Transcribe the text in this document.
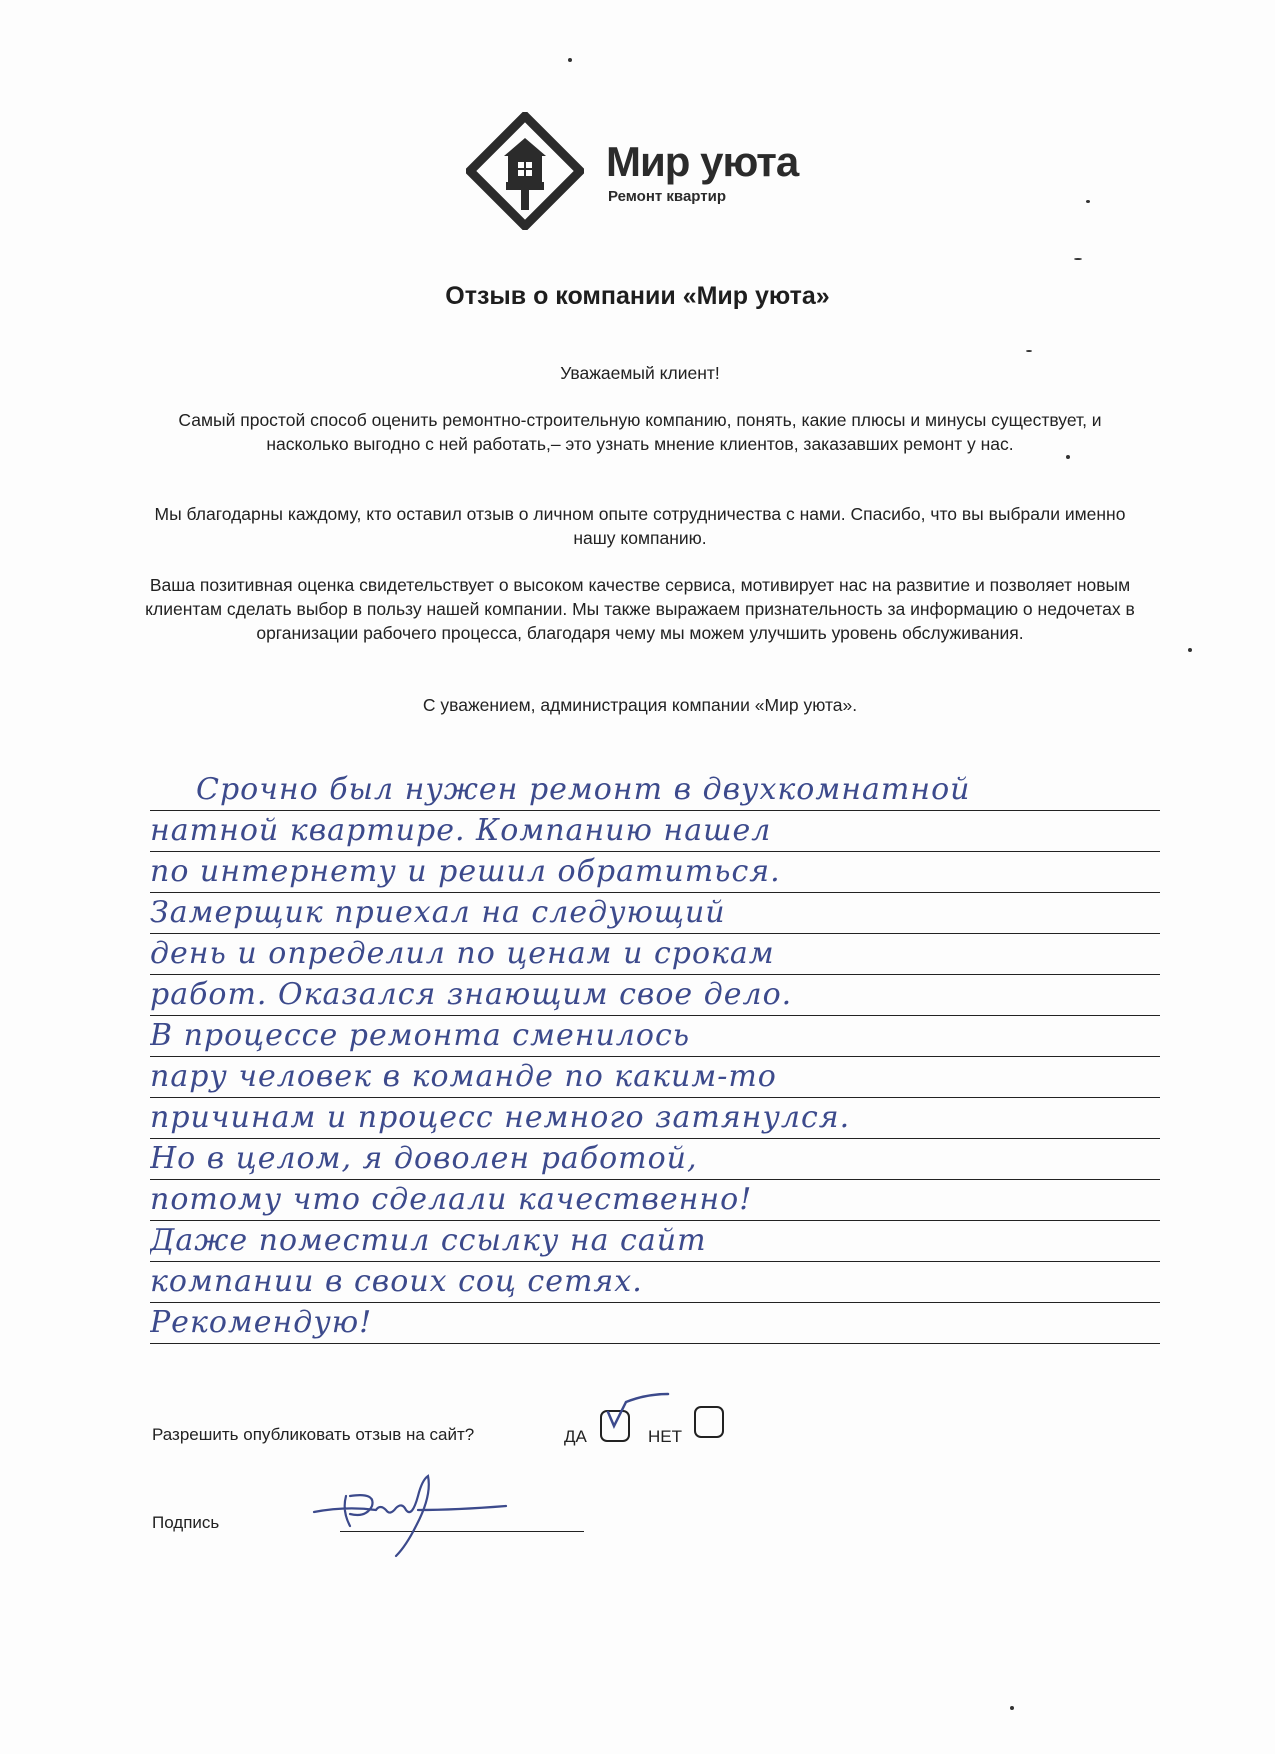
Мир уюта
Ремонт квартир
Отзыв о компании «Мир уюта»
Уважаемый клиент!
Самый простой способ оценить ремонтно-строительную компанию, понять, какие плюсы и минусы существует, и насколько выгодно с ней работать,– это узнать мнение клиентов, заказавших ремонт у нас.
Мы благодарны каждому, кто оставил отзыв о личном опыте сотрудничества с нами. Спасибо, что вы выбрали именно нашу компанию.
Ваша позитивная оценка свидетельствует о высоком качестве сервиса, мотивирует нас на развитие и позволяет новым клиентам сделать выбор в пользу нашей компании. Мы также выражаем признательность за информацию о недочетах в организации рабочего процесса, благодаря чему мы можем улучшить уровень обслуживания.
С уважением, администрация компании «Мир уюта».
Срочно был нужен ремонт в двухкомнатной
натной квартире. Компанию нашел
по интернету и решил обратиться.
Замерщик приехал на следующий
день и определил по ценам и срокам
работ. Оказался знающим свое дело.
В процессе ремонта сменилось
пару человек в команде по каким-то
причинам и процесс немного затянулся.
Но в целом, я доволен работой,
потому что сделали качественно!
Даже поместил ссылку на сайт
компании в своих соц сетях.
Рекомендую!
Разрешить опубликовать отзыв на сайт?	ДА	НЕТ
Подпись
